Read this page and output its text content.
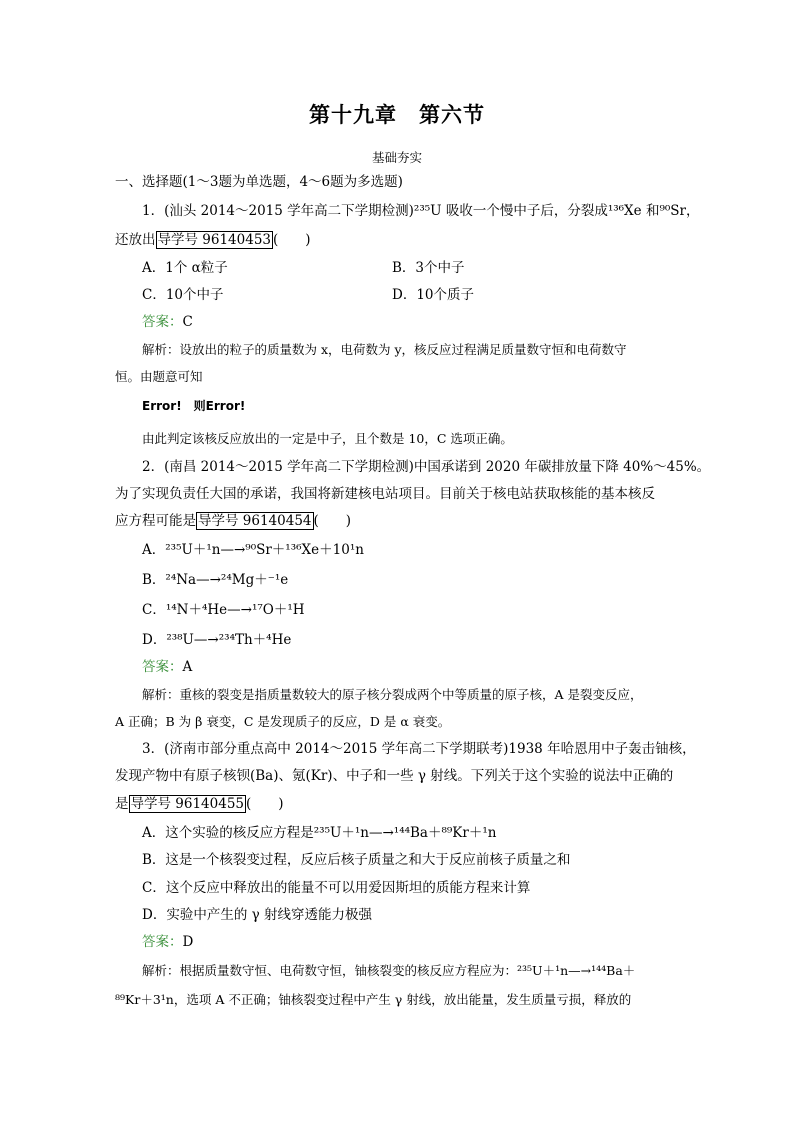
第十九章　第六节
基础夯实
一、选择题(1～3题为单选题，4～6题为多选题)
1．(汕头 2014～2015 学年高二下学期检测)²³⁵U 吸收一个慢中子后，分裂成¹³⁶Xe 和⁹⁰Sr，
还放出 导学号 96140453 (　　)
A．1个 α粒子	B．3个中子
C．10个中子	D．10个质子
答案：C
解析：设放出的粒子的质量数为 x，电荷数为 y，核反应过程满足质量数守恒和电荷数守
恒。由题意可知
Error!　则Error!
由此判定该核反应放出的一定是中子，且个数是 10，C 选项正确。
2．(南昌 2014～2015 学年高二下学期检测)中国承诺到 2020 年碳排放量下降 40%～45%。
为了实现负责任大国的承诺，我国将新建核电站项目。目前关于核电站获取核能的基本核反
应方程可能是 导学号 96140454 (　　)
A．²³⁵U＋¹n—→⁹⁰Sr＋¹³⁶Xe＋10¹n
B．²⁴Na—→²⁴Mg＋⁻¹e
C．¹⁴N＋⁴He—→¹⁷O＋¹H
D．²³⁸U—→²³⁴Th＋⁴He
答案：A
解析：重核的裂变是指质量数较大的原子核分裂成两个中等质量的原子核，A 是裂变反应，
A 正确；B 为 β 衰变，C 是发现质子的反应，D 是 α 衰变。
3．(济南市部分重点高中 2014～2015 学年高二下学期联考)1938 年哈恩用中子轰击铀核，
发现产物中有原子核钡(Ba)、氪(Kr)、中子和一些 γ 射线。下列关于这个实验的说法中正确的
是 导学号 96140455 (　　)
A．这个实验的核反应方程是²³⁵U＋¹n—→¹⁴⁴Ba＋⁸⁹Kr＋¹n
B．这是一个核裂变过程，反应后核子质量之和大于反应前核子质量之和
C．这个反应中释放出的能量不可以用爱因斯坦的质能方程来计算
D．实验中产生的 γ 射线穿透能力极强
答案：D
解析：根据质量数守恒、电荷数守恒，铀核裂变的核反应方程应为：²³⁵U＋¹n—→¹⁴⁴Ba＋
⁸⁹Kr＋3¹n，选项 A 不正确；铀核裂变过程中产生 γ 射线，放出能量，发生质量亏损，释放的
